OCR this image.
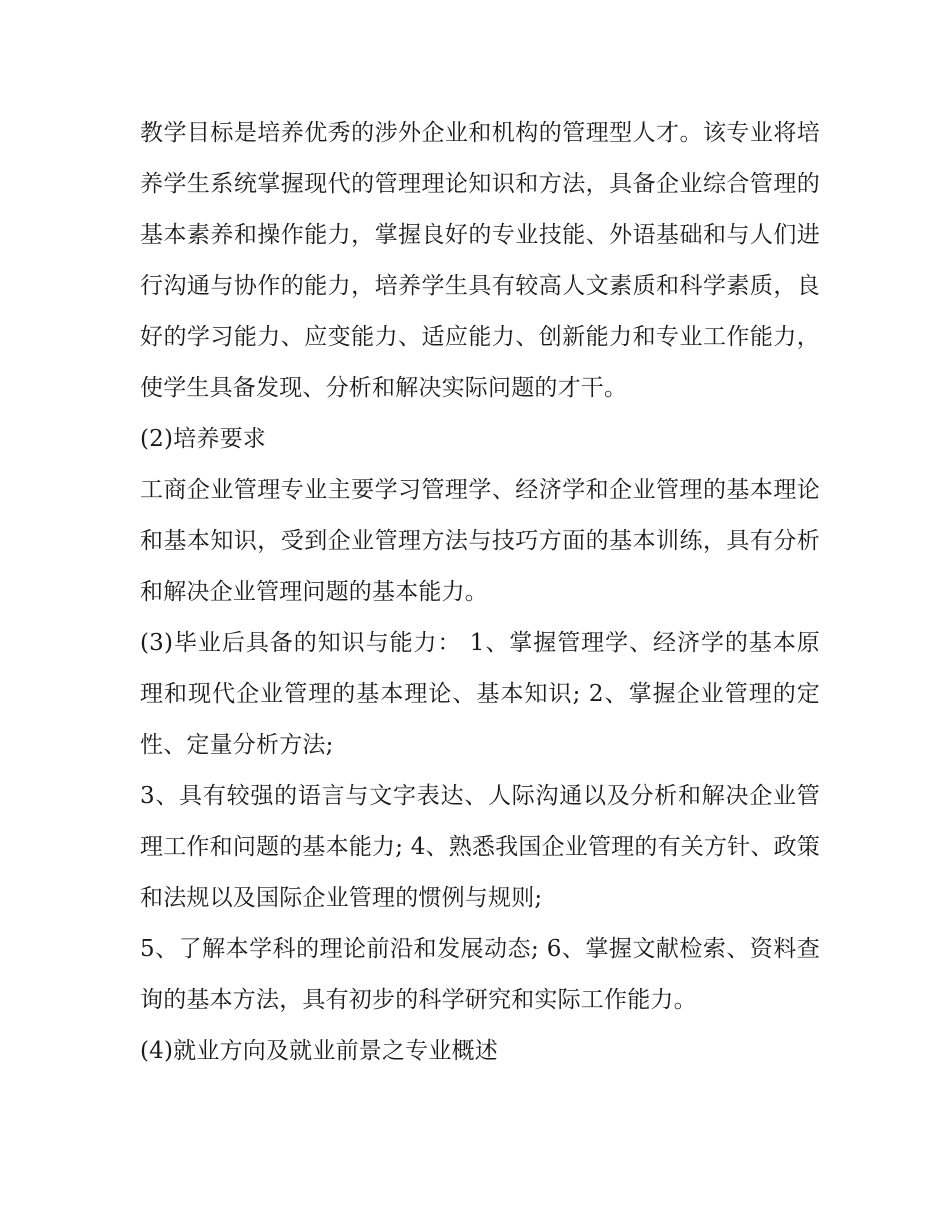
教学目标是培养优秀的涉外企业和机构的管理型人才。该专业将培养学生系统掌握现代的管理理论知识和方法，具备企业综合管理的基本素养和操作能力，掌握良好的专业技能、外语基础和与人们进行沟通与协作的能力，培养学生具有较高人文素质和科学素质，良好的学习能力、应变能力、适应能力、创新能力和专业工作能力，使学生具备发现、分析和解决实际问题的才干。

(2)培养要求

工商企业管理专业主要学习管理学、经济学和企业管理的基本理论和基本知识，受到企业管理方法与技巧方面的基本训练，具有分析和解决企业管理问题的基本能力。

(3)毕业后具备的知识与能力： 1、掌握管理学、经济学的基本原理和现代企业管理的基本理论、基本知识; 2、掌握企业管理的定性、定量分析方法;

3、具有较强的语言与文字表达、人际沟通以及分析和解决企业管理工作和问题的基本能力; 4、熟悉我国企业管理的有关方针、政策和法规以及国际企业管理的惯例与规则;

5、了解本学科的理论前沿和发展动态; 6、掌握文献检索、资料查询的基本方法，具有初步的科学研究和实际工作能力。

(4)就业方向及就业前景之专业概述
